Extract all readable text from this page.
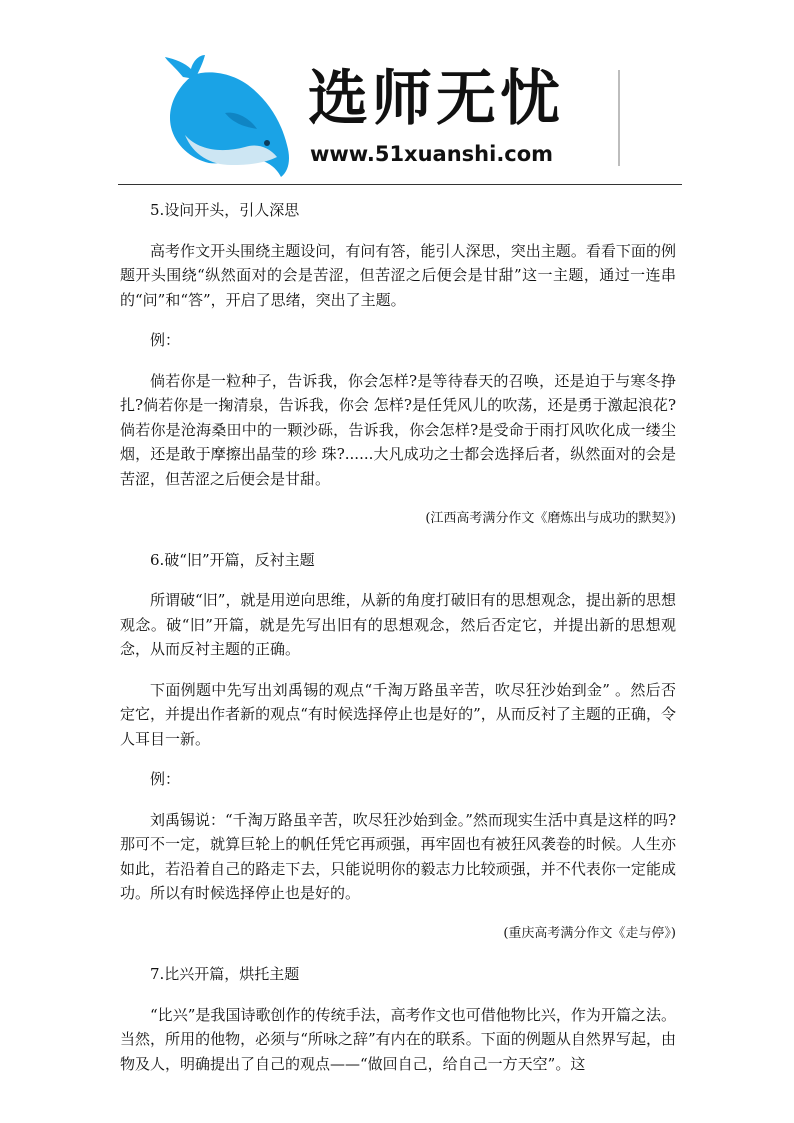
选师无忧
www.51xuanshi.com

5.设问开头，引人深思

高考作文开头围绕主题设问，有问有答，能引人深思，突出主题。看看下面的例题开头围绕“纵然面对的会是苦涩，但苦涩之后便会是甘甜”这一主题，通过一连串的“问”和“答”，开启了思绪，突出了主题。

例：

倘若你是一粒种子，告诉我，你会怎样?是等待春天的召唤，还是迫于与寒冬挣扎?倘若你是一掬清泉，告诉我，你会 怎样?是任凭风儿的吹荡，还是勇于激起浪花?倘若你是沧海桑田中的一颗沙砾，告诉我，你会怎样?是受命于雨打风吹化成一缕尘烟，还是敢于摩擦出晶莹的珍 珠?......大凡成功之士都会选择后者，纵然面对的会是苦涩，但苦涩之后便会是甘甜。

(江西高考满分作文《磨炼出与成功的默契》)

6.破“旧”开篇，反衬主题

所谓破“旧”，就是用逆向思维，从新的角度打破旧有的思想观念，提出新的思想观念。破“旧”开篇，就是先写出旧有的思想观念，然后否定它，并提出新的思想观念，从而反衬主题的正确。

下面例题中先写出刘禹锡的观点“千淘万路虽辛苦，吹尽狂沙始到金” 。然后否定它，并提出作者新的观点“有时候选择停止也是好的”，从而反衬了主题的正确，令人耳目一新。

例：

刘禹锡说：“千淘万路虽辛苦，吹尽狂沙始到金。”然而现实生活中真是这样的吗?那可不一定，就算巨轮上的帆任凭它再顽强，再牢固也有被狂风袭卷的时候。人生亦如此，若沿着自己的路走下去，只能说明你的毅志力比较顽强，并不代表你一定能成功。所以有时候选择停止也是好的。

(重庆高考满分作文《走与停》)

7.比兴开篇，烘托主题

“比兴”是我国诗歌创作的传统手法，高考作文也可借他物比兴，作为开篇之法。当然，所用的他物，必须与“所咏之辞”有内在的联系。下面的例题从自然界写起，由物及人，明确提出了自己的观点——“做回自己，给自己一方天空”。这
